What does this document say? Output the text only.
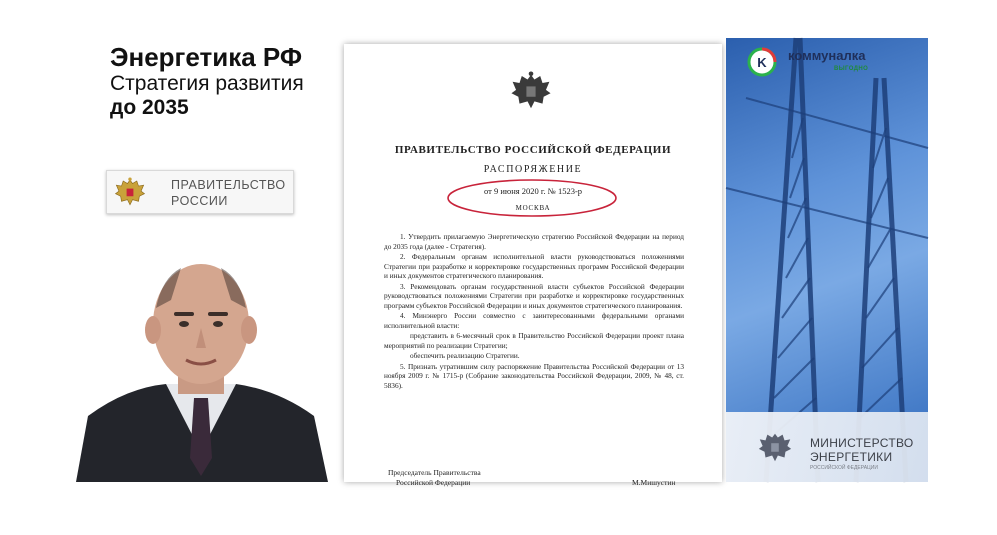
Энергетика РФ
Стратегия развития
до 2035
ПРАВИТЕЛЬСТВО
РОССИИ
ПРАВИТЕЛЬСТВО РОССИЙСКОЙ ФЕДЕРАЦИИ
РАСПОРЯЖЕНИЕ
от 9 июня 2020 г. № 1523-р
МОСКВА

1. Утвердить прилагаемую Энергетическую стратегию Российской Федерации на период до 2035 года (далее - Стратегия).

2. Федеральным органам исполнительной власти руководствоваться положениями Стратегии при разработке и корректировке государственных программ Российской Федерации и иных документов стратегического планирования.

3. Рекомендовать органам государственной власти субъектов Российской Федерации руководствоваться положениями Стратегии при разработке и корректировке государственных программ субъектов Российской Федерации и иных документов стратегического планирования.

4. Минэнерго России совместно с заинтересованными федеральными органами исполнительной власти:

представить в 6-месячный срок в Правительство Российской Федерации проект плана мероприятий по реализации Стратегии;

обеспечить реализацию Стратегии.

5. Признать утратившим силу распоряжение Правительства Российской Федерации от 13 ноября 2009 г. № 1715-р (Собрание законодательства Российской Федерации, 2009, № 48, ст. 5836).

Председатель Правительства
Российской Федерации	М.Мишустин
K коммуналка
ВЫГОДНО
МИНИСТЕРСТВО
ЭНЕРГЕТИКИ
РОССИЙСКОЙ ФЕДЕРАЦИИ
